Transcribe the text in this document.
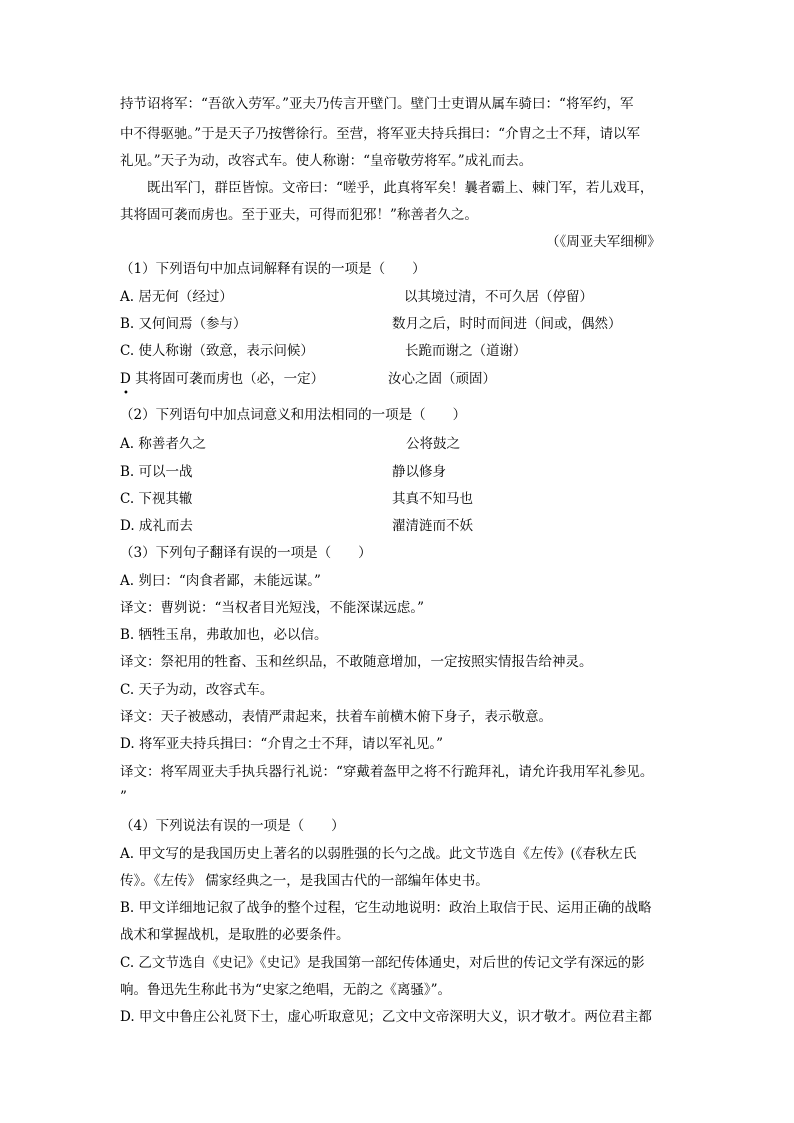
持节诏将军：“吾欲入劳军。”亚夫乃传言开壁门。壁门士吏谓从属车骑曰：“将军约，军
中不得驱驰。”于是天子乃按辔徐行。至营，将军亚夫持兵揖曰：“介胄之士不拜，请以军
礼见。”天子为动，改容式车。使人称谢：“皇帝敬劳将军。”成礼而去。
既出军门，群臣皆惊。文帝曰：“嗟乎，此真将军矣！曩者霸上、棘门军，若儿戏耳，
其将固可袭而虏也。至于亚夫，可得而犯邪！”称善者久之。
（《周亚夫军细柳》
（1）下列语句中加点词解释有误的一项是（　　）
A. 居无何（经过）	以其境过清，不可久居（停留）
B. 又何间焉（参与）	数月之后，时时而间进（间或，偶然）
C. 使人称谢（致意，表示问候）	长跪而谢之（道谢）
D 其将固可袭而虏也（必，一定）	汝心之固（顽固）
•
（2）下列语句中加点词意义和用法相同的一项是（　　）
A. 称善者久之	公将鼓之
B. 可以一战	静以修身
C. 下视其辙	其真不知马也
D. 成礼而去	濯清涟而不妖
（3）下列句子翻译有误的一项是（　　）
A. 刿曰：“肉食者鄙，未能远谋。”
译文：曹刿说：“当权者目光短浅，不能深谋远虑。”
B. 牺牲玉帛，弗敢加也，必以信。
译文：祭祀用的牲畜、玉和丝织品，不敢随意增加，一定按照实情报告给神灵。
C. 天子为动，改容式车。
译文：天子被感动，表情严肃起来，扶着车前横木俯下身子，表示敬意。
D. 将军亚夫持兵揖曰：“介胄之士不拜，请以军礼见。”
译文：将军周亚夫手执兵器行礼说：“穿戴着盔甲之将不行跪拜礼，请允许我用军礼参见。
”
（4）下列说法有误的一项是（　　）
A. 甲文写的是我国历史上著名的以弱胜强的长勺之战。此文节选自《左传》(《春秋左氏
传》。《左传》 儒家经典之一，是我国古代的一部编年体史书。
B. 甲文详细地记叙了战争的整个过程，它生动地说明：政治上取信于民、运用正确的战略
战术和掌握战机，是取胜的必要条件。
C. 乙文节选自《史记》《史记》是我国第一部纪传体通史，对后世的传记文学有深远的影
响。鲁迅先生称此书为“史家之绝唱，无韵之《离骚》”。
D. 甲文中鲁庄公礼贤下士，虚心听取意见；乙文中文帝深明大义，识才敬才。两位君主都
